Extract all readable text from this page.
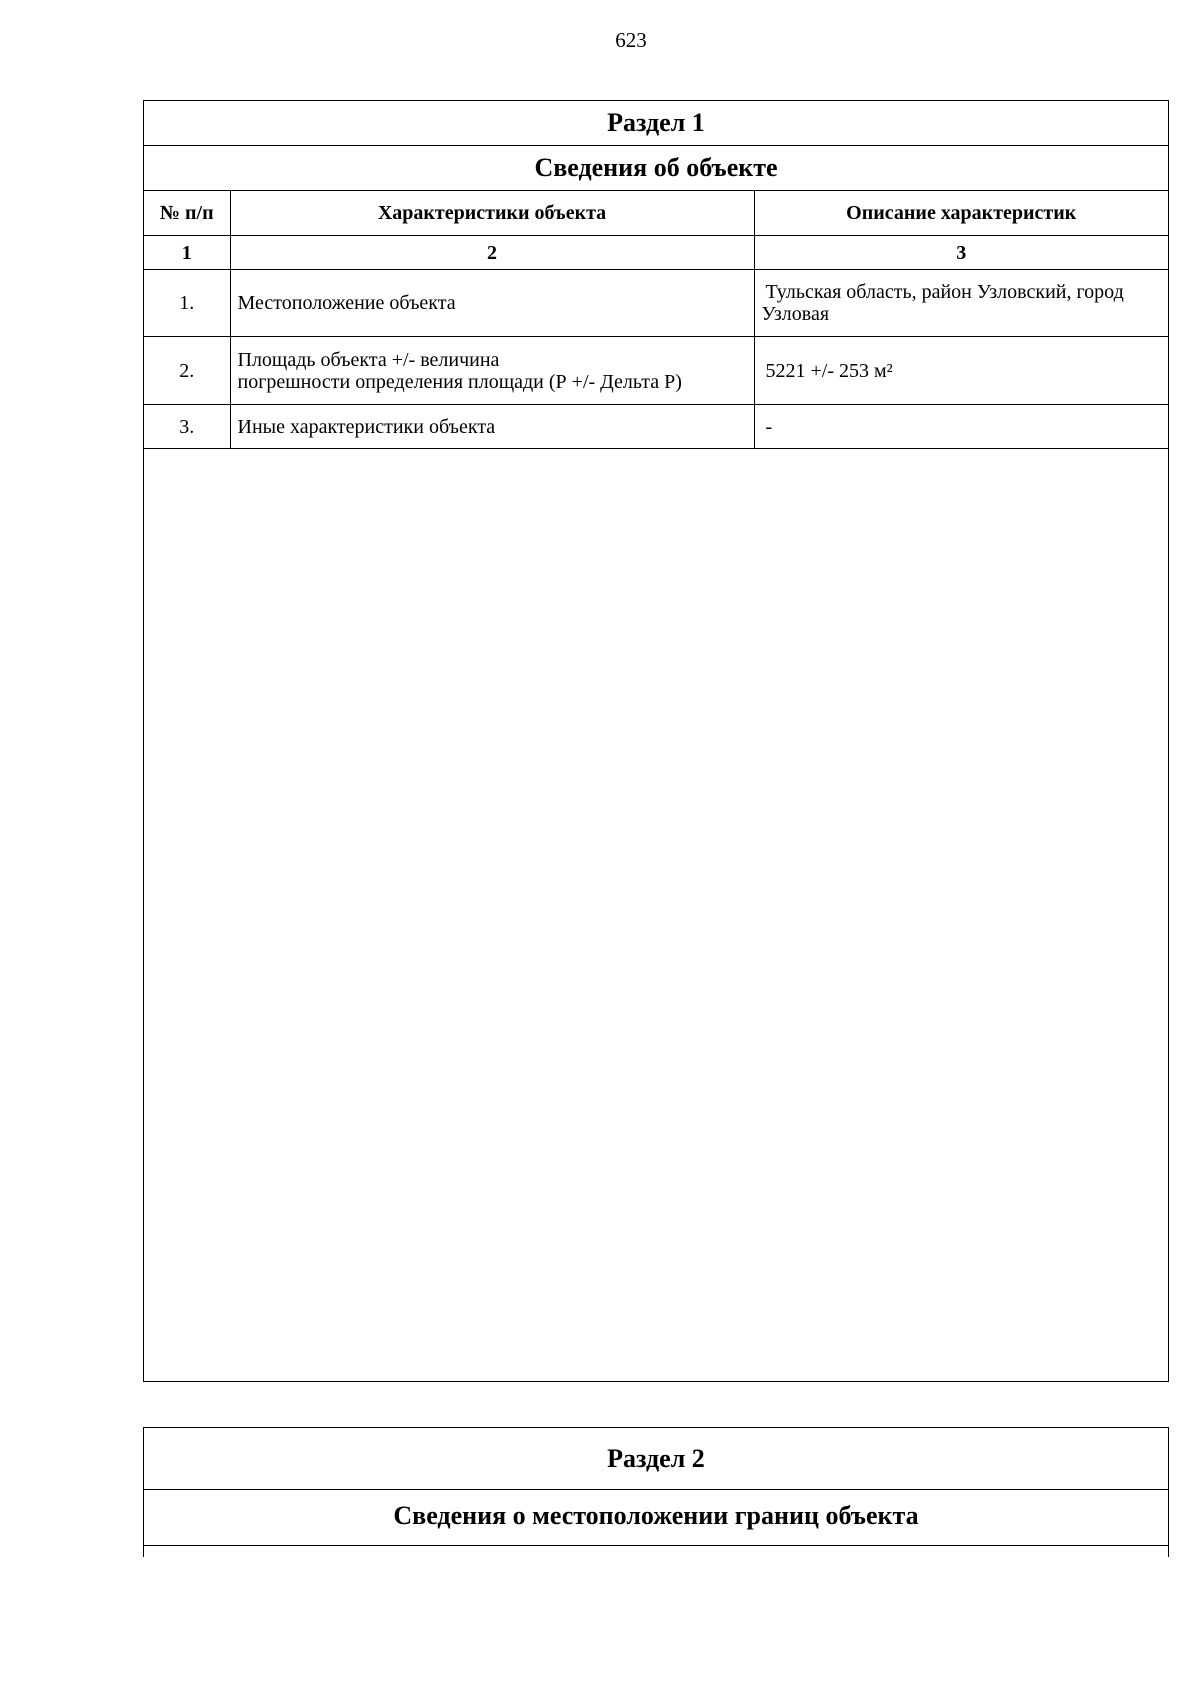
623
Раздел 1		
Сведения об объекте		
№ п/п	Характеристики объекта	Описание характеристик
1	2	3
1.	Местоположение объекта	Тульская область, район Узловский, город
Узловая

2.	Площадь объекта +/- величина
погрешности определения площади (Р +/- Дельта Р)	5221 +/- 253 м²
3.	Иные характеристики объекта	-
Раздел 2
Сведения о местоположении границ объекта
